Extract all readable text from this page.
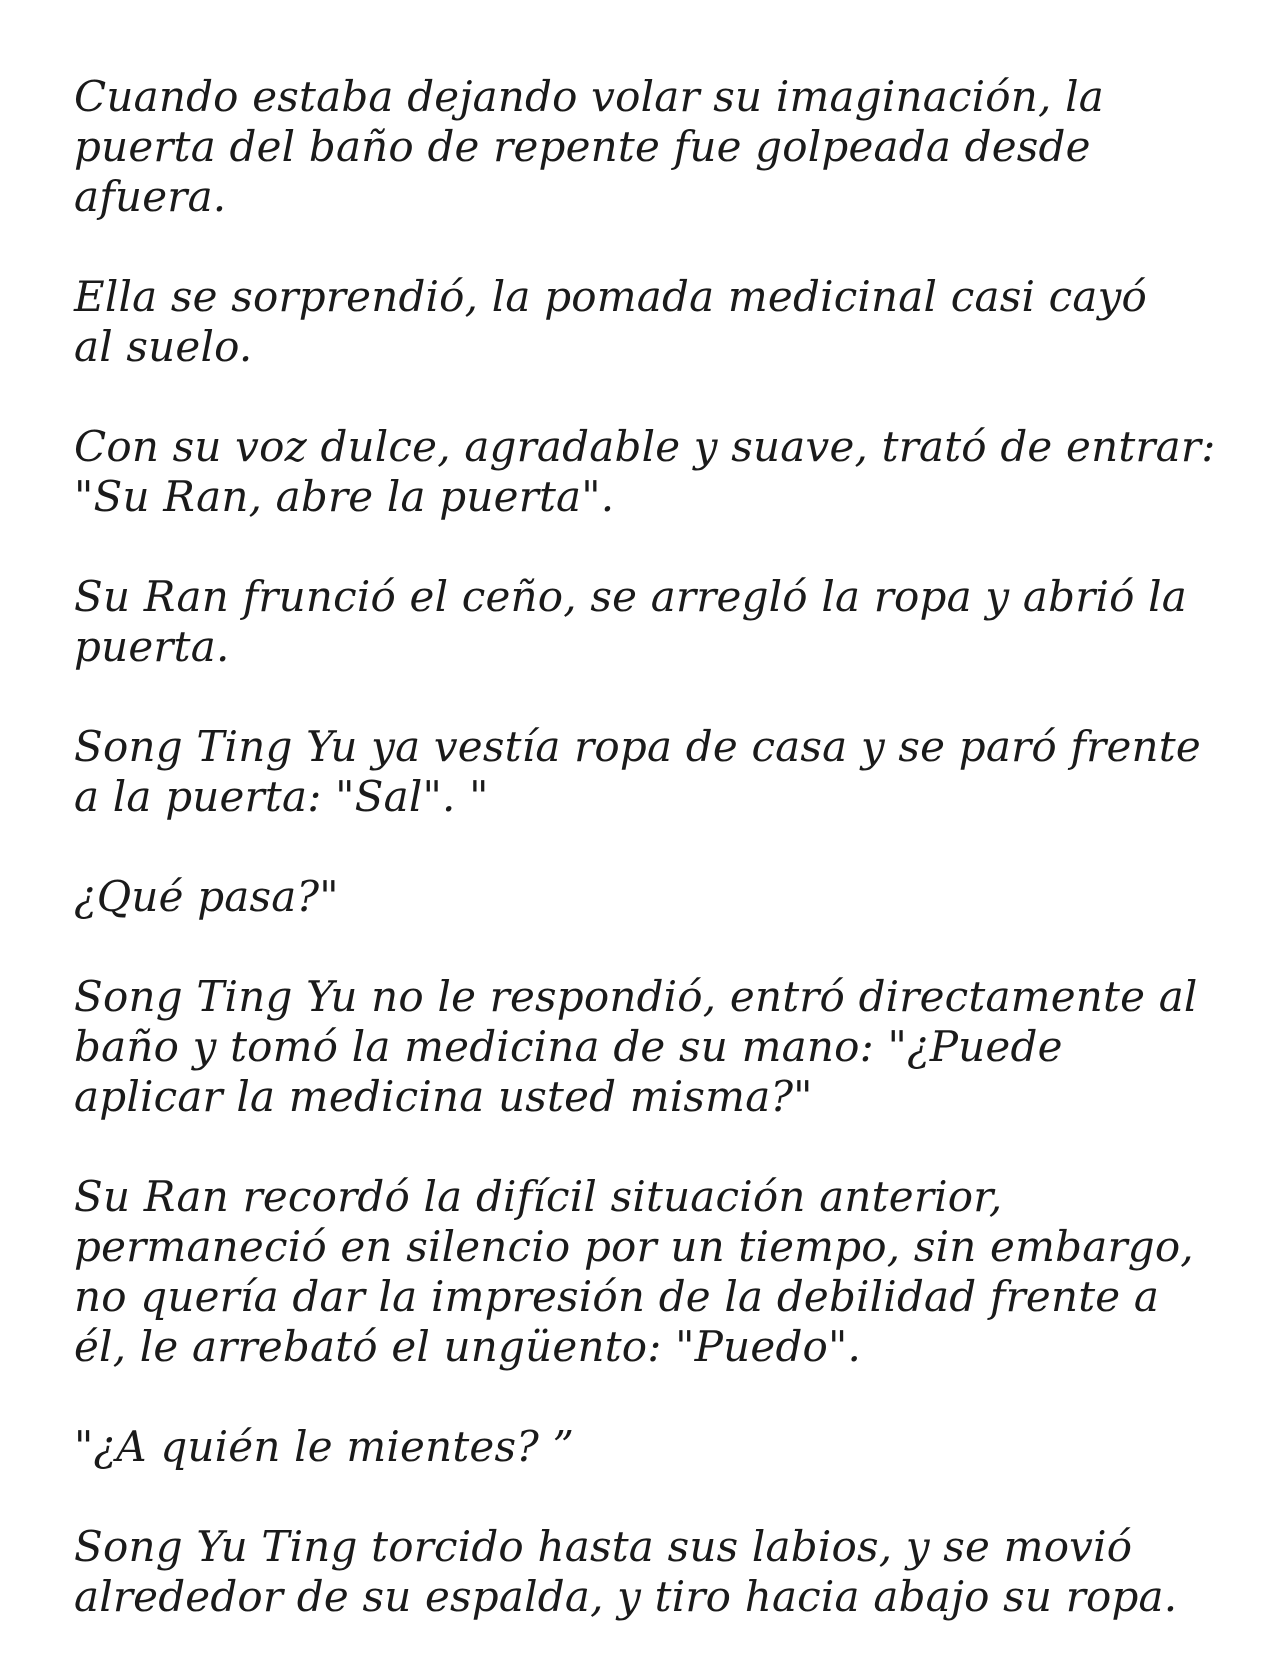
Cuando estaba dejando volar su imaginación, la
puerta del baño de repente fue golpeada desde
afuera.

Ella se sorprendió, la pomada medicinal casi cayó
al suelo.

Con su voz dulce, agradable y suave, trató de entrar:
"Su Ran, abre la puerta".

Su Ran frunció el ceño, se arregló la ropa y abrió la
puerta.

Song Ting Yu ya vestía ropa de casa y se paró frente
a la puerta: "Sal". "

¿Qué pasa?"

Song Ting Yu no le respondió, entró directamente al
baño y tomó la medicina de su mano: "¿Puede
aplicar la medicina usted misma?"

Su Ran recordó la difícil situación anterior,
permaneció en silencio por un tiempo, sin embargo,
no quería dar la impresión de la debilidad frente a
él, le arrebató el ungüento: "Puedo".

"¿A quién le mientes? ”

Song Yu Ting torcido hasta sus labios, y se movió
alrededor de su espalda, y tiro hacia abajo su ropa.
